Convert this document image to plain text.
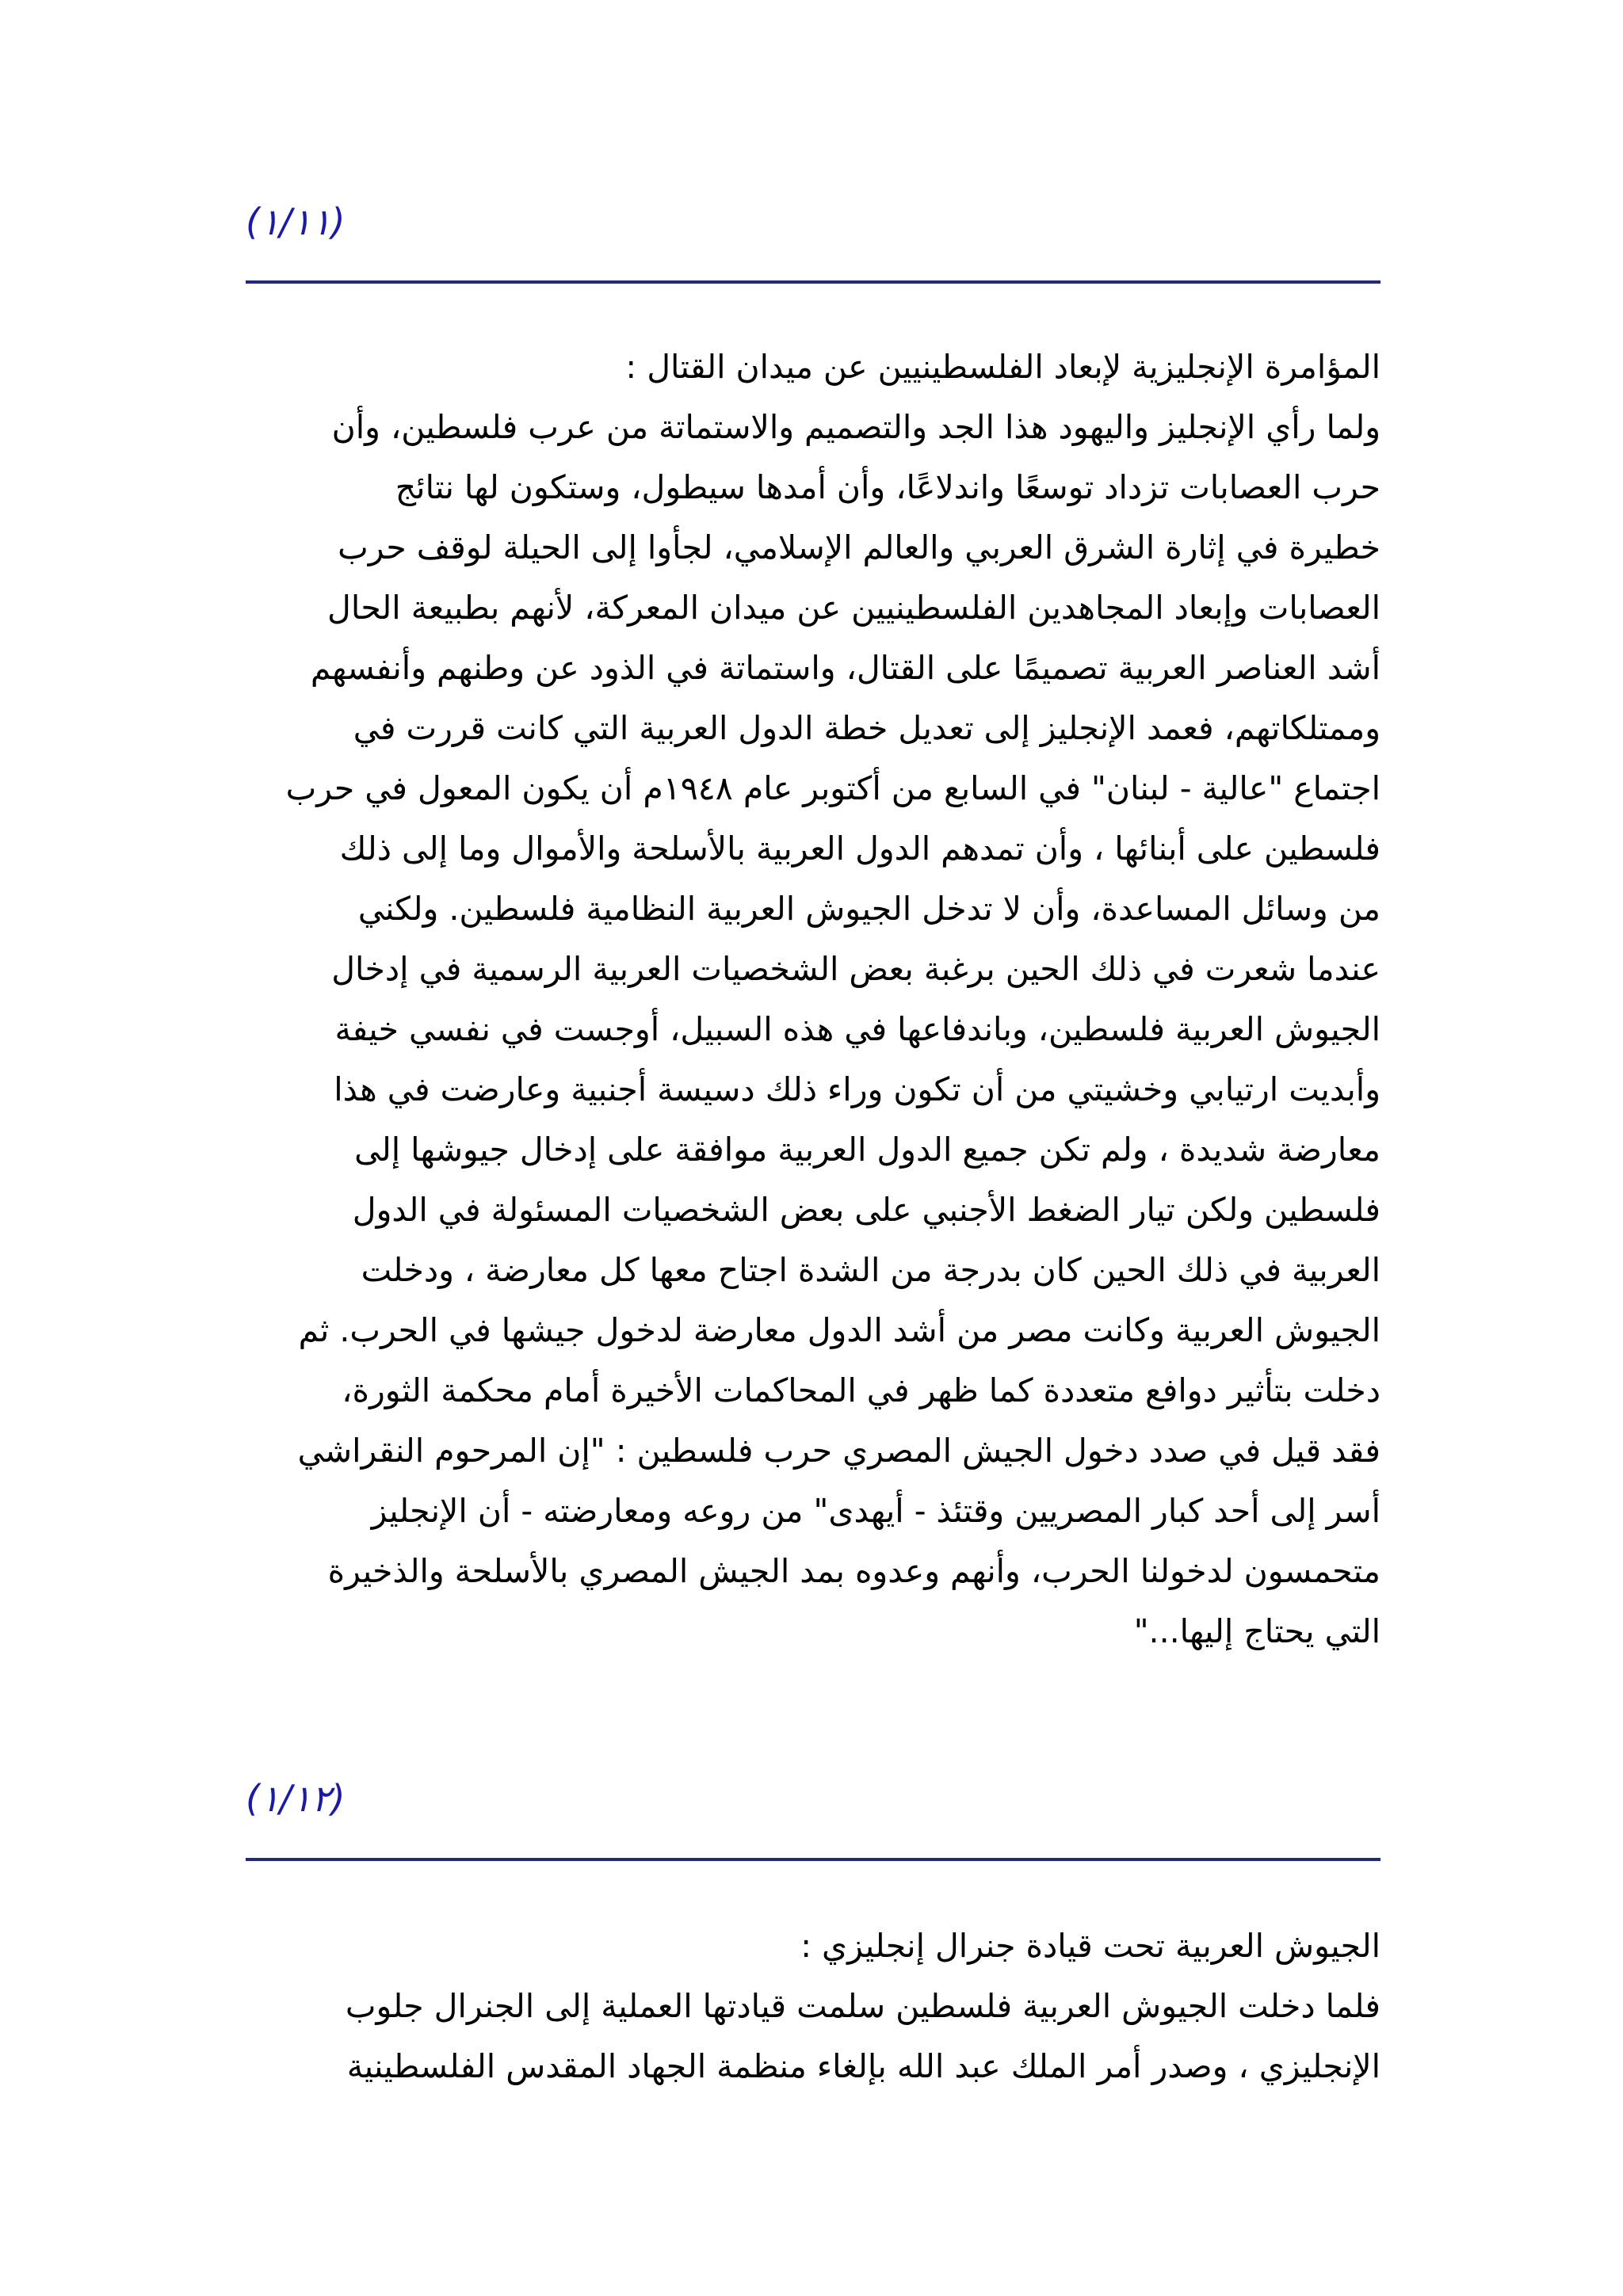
(١/١١)
المؤامرة الإنجليزية لإبعاد الفلسطينيين عن ميدان القتال :
ولما رأي الإنجليز واليهود هذا الجد والتصميم والاستماتة من عرب فلسطين، وأن
حرب العصابات تزداد توسعًا واندلاعًا، وأن أمدها سيطول، وستكون لها نتائج
خطيرة في إثارة الشرق العربي والعالم الإسلامي، لجأوا إلى الحيلة لوقف حرب
العصابات وإبعاد المجاهدين الفلسطينيين عن ميدان المعركة، لأنهم بطبيعة الحال
أشد العناصر العربية تصميمًا على القتال، واستماتة في الذود عن وطنهم وأنفسهم
وممتلكاتهم، فعمد الإنجليز إلى تعديل خطة الدول العربية التي كانت قررت في
اجتماع "عالية - لبنان" في السابع من أكتوبر عام ١٩٤٨م أن يكون المعول في حرب
فلسطين على أبنائها ، وأن تمدهم الدول العربية بالأسلحة والأموال وما إلى ذلك
من وسائل المساعدة، وأن لا تدخل الجيوش العربية النظامية فلسطين. ولكني
عندما شعرت في ذلك الحين برغبة بعض الشخصيات العربية الرسمية في إدخال
الجيوش العربية فلسطين، وباندفاعها في هذه السبيل، أوجست في نفسي خيفة
وأبديت ارتيابي وخشيتي من أن تكون وراء ذلك دسيسة أجنبية وعارضت في هذا
معارضة شديدة ، ولم تكن جميع الدول العربية موافقة على إدخال جيوشها إلى
فلسطين ولكن تيار الضغط الأجنبي على بعض الشخصيات المسئولة في الدول
العربية في ذلك الحين كان بدرجة من الشدة اجتاح معها كل معارضة ، ودخلت
الجيوش العربية وكانت مصر من أشد الدول معارضة لدخول جيشها في الحرب. ثم
دخلت بتأثير دوافع متعددة كما ظهر في المحاكمات الأخيرة أمام محكمة الثورة،
فقد قيل في صدد دخول الجيش المصري حرب فلسطين : "إن المرحوم النقراشي
أسر إلى أحد كبار المصريين وقتئذ - أيهدى" من روعه ومعارضته - أن الإنجليز
متحمسون لدخولنا الحرب، وأنهم وعدوه بمد الجيش المصري بالأسلحة والذخيرة
التي يحتاج إليها..."
(١/١٢)
الجيوش العربية تحت قيادة جنرال إنجليزي :
فلما دخلت الجيوش العربية فلسطين سلمت قيادتها العملية إلى الجنرال جلوب
الإنجليزي ، وصدر أمر الملك عبد الله بإلغاء منظمة الجهاد المقدس الفلسطينية
